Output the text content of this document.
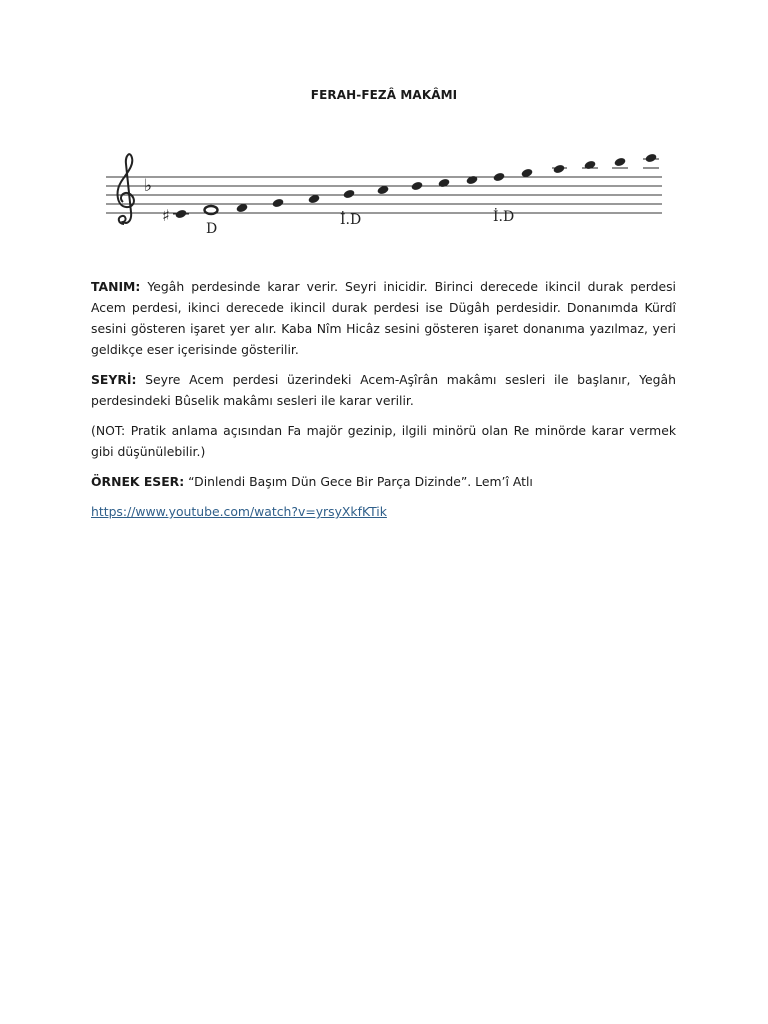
FERAH-FEZÂ MAKÂMI
♭
♯
D
İ.D	İ.D

TANIM: Yegâh perdesinde karar verir. Seyri inicidir. Birinci derecede ikincil durak perdesi Acem perdesi, ikinci derecede ikincil durak perdesi ise Dügâh perdesidir. Donanımda Kürdî sesini gösteren işaret yer alır. Kaba Nîm Hicâz sesini gösteren işaret donanıma yazılmaz, yeri geldikçe eser içerisinde gösterilir.

SEYRİ: Seyre Acem perdesi üzerindeki Acem-Aşîrân makâmı sesleri ile başlanır, Yegâh perdesindeki Bûselik makâmı sesleri ile karar verilir.

(NOT: Pratik anlama açısından Fa majör gezinip, ilgili minörü olan Re minörde karar vermek gibi düşünülebilir.)

ÖRNEK ESER: “Dinlendi Başım Dün Gece Bir Parça Dizinde”. Lem’î Atlı

https://www.youtube.com/watch?v=yrsyXkfKTik
